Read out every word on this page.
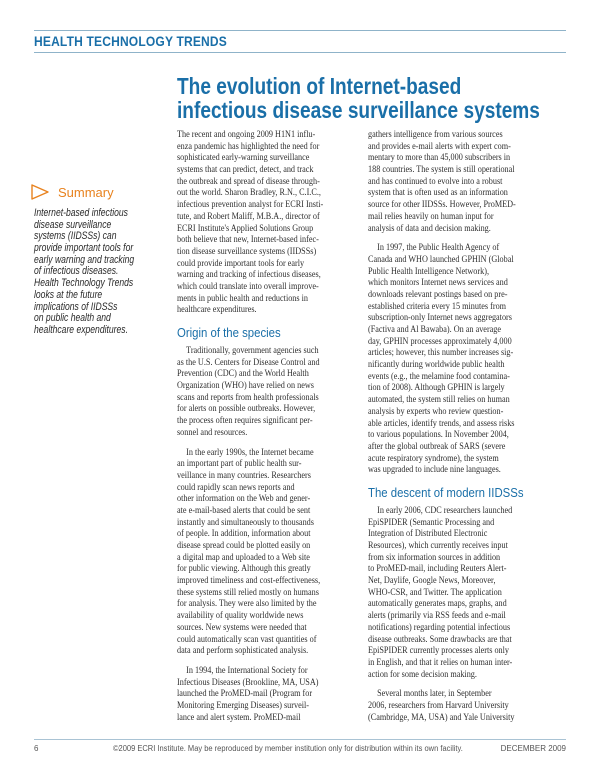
HEALTH TECHNOLOGY TRENDS
The evolution of Internet-based
infectious disease surveillance systems
Summary
Internet-based infectious
disease surveillance
systems (IIDSSs) can
provide important tools for
early warning and tracking
of infectious diseases.
Health Technology Trends
looks at the future
implications of IIDSSs
on public health and
healthcare expenditures.
The recent and ongoing 2009 H1N1 influ-
enza pandemic has highlighted the need for
sophisticated early-warning surveillance
systems that can predict, detect, and track
the outbreak and spread of disease through-
out the world. Sharon Bradley, R.N., C.I.C.,
infectious prevention analyst for ECRI Insti-
tute, and Robert Maliff, M.B.A., director of
ECRI Institute's Applied Solutions Group
both believe that new, Internet-based infec-
tion disease surveillance systems (IIDSSs)
could provide important tools for early
warning and tracking of infectious diseases,
which could translate into overall improve-
ments in public health and reductions in
healthcare expenditures.
Origin of the species
Traditionally, government agencies such
as the U.S. Centers for Disease Control and
Prevention (CDC) and the World Health
Organization (WHO) have relied on news
scans and reports from health professionals
for alerts on possible outbreaks. However,
the process often requires significant per-
sonnel and resources.
In the early 1990s, the Internet became
an important part of public health sur-
veillance in many countries. Researchers
could rapidly scan news reports and
other information on the Web and gener-
ate e-mail-based alerts that could be sent
instantly and simultaneously to thousands
of people. In addition, information about
disease spread could be plotted easily on
a digital map and uploaded to a Web site
for public viewing. Although this greatly
improved timeliness and cost-effectiveness,
these systems still relied mostly on humans
for analysis. They were also limited by the
availability of quality worldwide news
sources. New systems were needed that
could automatically scan vast quantities of
data and perform sophisticated analysis.
In 1994, the International Society for
Infectious Diseases (Brookline, MA, USA)
launched the ProMED-mail (Program for
Monitoring Emerging Diseases) surveil-
lance and alert system. ProMED-mail
gathers intelligence from various sources
and provides e-mail alerts with expert com-
mentary to more than 45,000 subscribers in
188 countries. The system is still operational
and has continued to evolve into a robust
system that is often used as an information
source for other IIDSSs. However, ProMED-
mail relies heavily on human input for
analysis of data and decision making.
In 1997, the Public Health Agency of
Canada and WHO launched GPHIN (Global
Public Health Intelligence Network),
which monitors Internet news services and
downloads relevant postings based on pre-
established criteria every 15 minutes from
subscription-only Internet news aggregators
(Factiva and Al Bawaba). On an average
day, GPHIN processes approximately 4,000
articles; however, this number increases sig-
nificantly during worldwide public health
events (e.g., the melamine food contamina-
tion of 2008). Although GPHIN is largely
automated, the system still relies on human
analysis by experts who review question-
able articles, identify trends, and assess risks
to various populations. In November 2004,
after the global outbreak of SARS (severe
acute respiratory syndrome), the system
was upgraded to include nine languages.
The descent of modern IIDSSs
In early 2006, CDC researchers launched
EpiSPIDER (Semantic Processing and
Integration of Distributed Electronic
Resources), which currently receives input
from six information sources in addition
to ProMED-mail, including Reuters Alert-
Net, Daylife, Google News, Moreover,
WHO-CSR, and Twitter. The application
automatically generates maps, graphs, and
alerts (primarily via RSS feeds and e-mail
notifications) regarding potential infectious
disease outbreaks. Some drawbacks are that
EpiSPIDER currently processes alerts only
in English, and that it relies on human inter-
action for some decision making.
Several months later, in September
2006, researchers from Harvard University
(Cambridge, MA, USA) and Yale University
6	©2009 ECRI Institute. May be reproduced by member institution only for distribution within its own facility.	DECEMBER 2009
